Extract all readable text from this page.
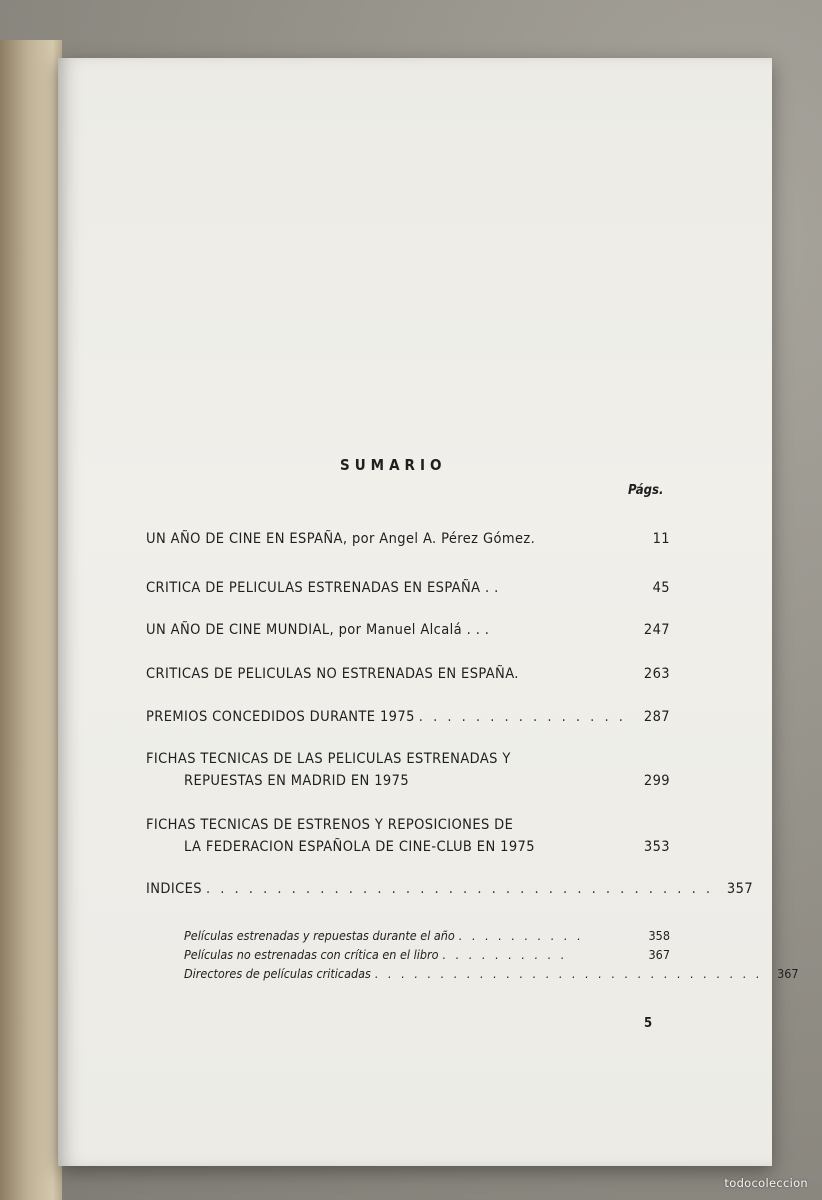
SUMARIO
Págs.
UN AÑO DE CINE EN ESPAÑA, por Angel A. Pérez Gómez.	11
CRITICA DE PELICULAS ESTRENADAS EN ESPAÑA . .	45
UN AÑO DE CINE MUNDIAL, por Manuel Alcalá . . .	247
CRITICAS DE PELICULAS NO ESTRENADAS EN ESPAÑA.	263
PREMIOS CONCEDIDOS DURANTE 1975 . . . . . . . . . . . . . . .	287
FICHAS TECNICAS DE LAS PELICULAS ESTRENADAS Y
REPUESTAS EN MADRID EN 1975	299
FICHAS TECNICAS DE ESTRENOS Y REPOSICIONES DE
LA FEDERACION ESPAÑOLA DE CINE-CLUB EN 1975	353
INDICES . . . . . . . . . . . . . . . . . . . . . . . . . . . . . . . . . . . . 357
Películas estrenadas y repuestas durante el año . . . . . . . . . .	358
Películas no estrenadas con crítica en el libro . . . . . . . . . .	367
Directores de películas criticadas . . . . . . . . . . . . . . . . . . . . . . . . . . . . . .	367
5
todocoleccion
